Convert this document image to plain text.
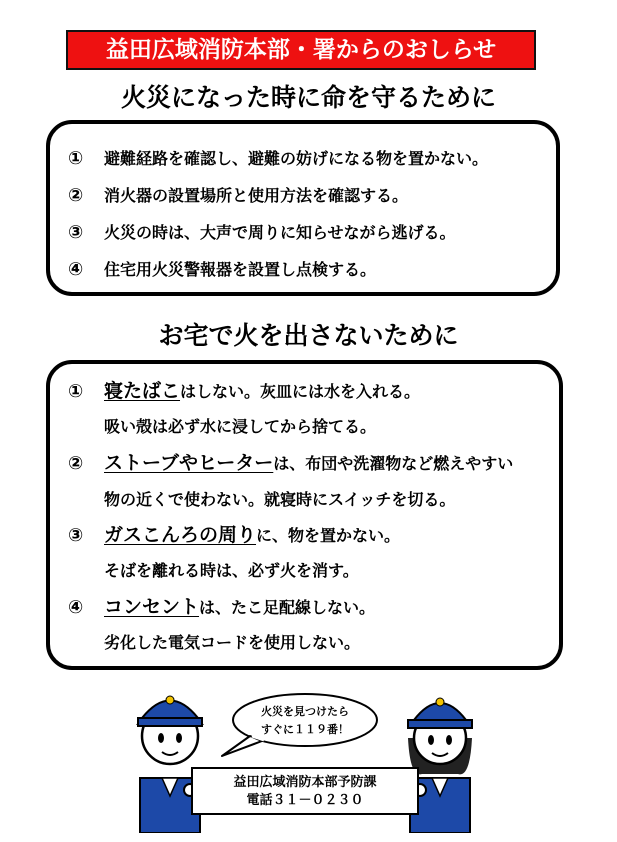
益田広域消防本部・署からのおしらせ
火災になった時に命を守るために
① 避難経路を確認し、避難の妨げになる物を置かない。
② 消火器の設置場所と使用方法を確認する。
③ 火災の時は、大声で周りに知らせながら逃げる。
④ 住宅用火災警報器を設置し点検する。
お宅で火を出さないために
① 寝たばこはしない。灰皿には水を入れる。
吸い殻は必ず水に浸してから捨てる。
② ストーブやヒーターは、布団や洗濯物など燃えやすい
物の近くで使わない。就寝時にスイッチを切る。
③ ガスこんろの周りに、物を置かない。
そばを離れる時は、必ず火を消す。
④ コンセントは、たこ足配線しない。
劣化した電気コードを使用しない。
火災を見つけたら
すぐに１１９番！
益田広域消防本部予防課
電話３１－０２３０
